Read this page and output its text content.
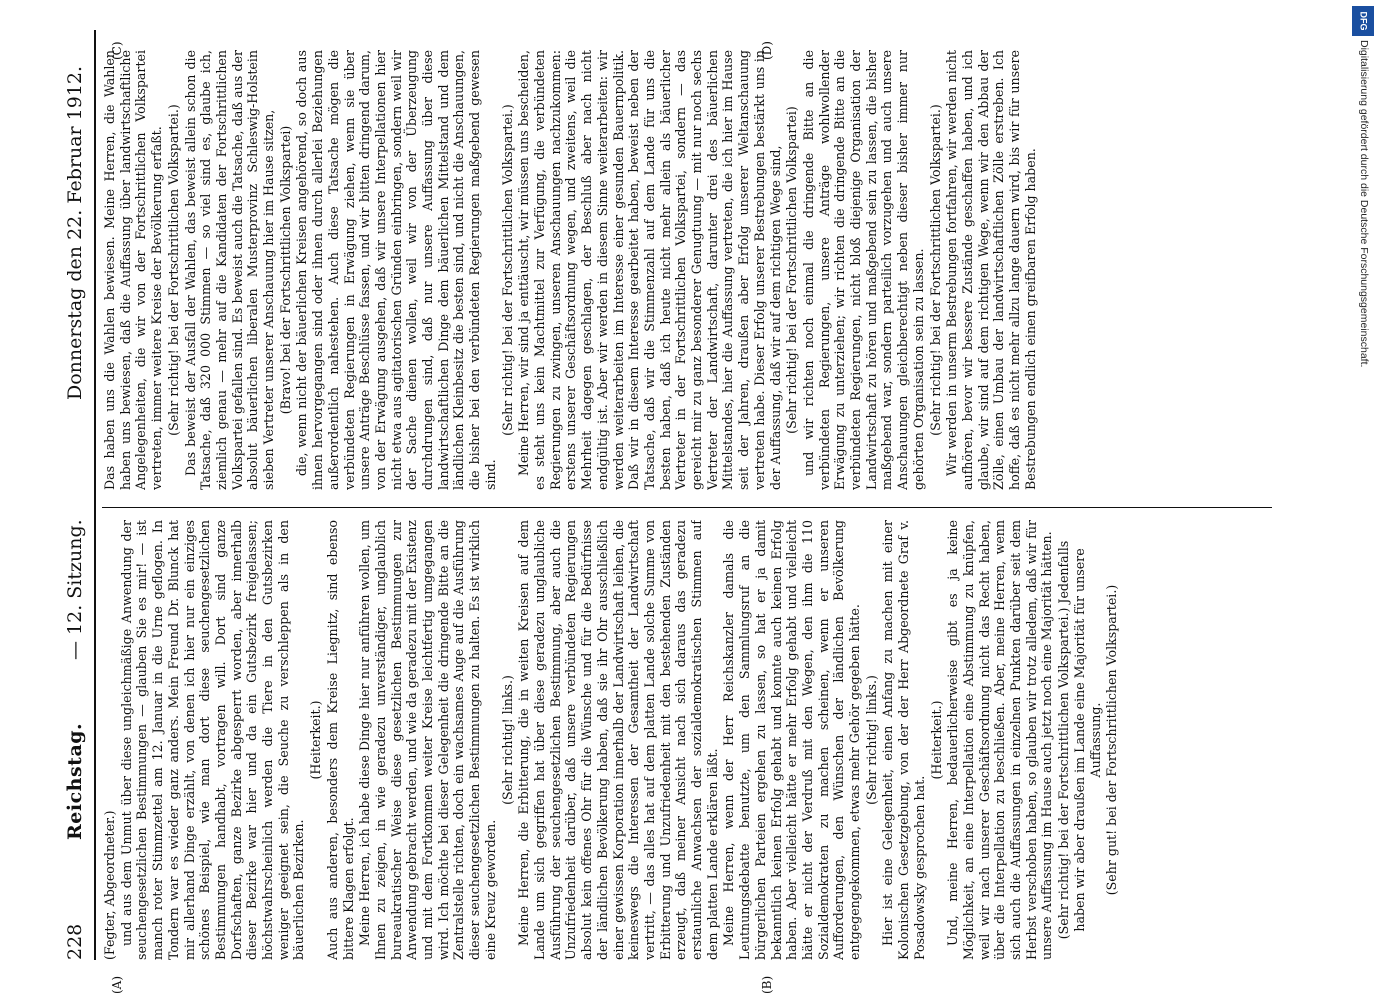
228
Reichstag.
— 12. Sitzung.
Donnerstag den 22. Februar 1912.
(A)	(B)
(C)	(D)

(Fegter, Abgeordneter.) und aus dem Unmut über diese ungleichmäßige Anwendung der seuchengesetzlichen Bestimmungen — glauben Sie es mir! — ist manch roter Stimmzettel am 12. Januar in die Urne geflogen. In Tondern war es wieder ganz anders. Mein Freund Dr. Blunck hat mir allerhand Dinge erzählt, von denen ich hier nur ein einziges schönes Beispiel, wie man dort diese seuchengesetzlichen Bestimmungen handhabt, vortragen will. Dort sind ganze Dorfschaften, ganze Bezirke abgesperrt worden, aber innerhalb dieser Bezirke war hier und da ein Gutsbezirk freigelassen; höchstwahrscheinlich werden die Tiere in den Gutsbezirken weniger geeignet sein, die Seuche zu verschleppen als in den bäuerlichen Bezirken.

(Heiterkeit.) Auch aus anderen, besonders dem Kreise Liegnitz, sind ebenso bittere Klagen erfolgt. Meine Herren, ich habe diese Dinge hier nur anführen wollen, um Ihnen zu zeigen, in wie geradezu unverständiger, unglaublich bureaukratischer Weise diese gesetzlichen Bestimmungen zur Anwendung gebracht werden, und wie da geradezu mit der Existenz und mit dem Fortkommen weiter Kreise leichtfertig umgegangen wird. Ich möchte bei dieser Gelegenheit die dringende Bitte an die Zentralstelle richten, doch ein wachsames Auge auf die Ausführung dieser seuchengesetzlichen Bestimmungen zu halten. Es ist wirklich eine Kreuz geworden.

(Sehr richtig! links.) Meine Herren, die Erbitterung, die in weiten Kreisen auf dem Lande um sich gegriffen hat über diese geradezu unglaubliche Ausführung der seuchengesetzlichen Bestimmung, aber auch die Unzufriedenheit darüber, daß unsere verbündeten Regierungen absolut kein offenes Ohr für die Wünsche und für die Bedürfnisse der ländlichen Bevölkerung haben, daß sie ihr Ohr ausschließlich einer gewissen Korporation innerhalb der Landwirtschaft leihen, die keineswegs die Interessen der Gesamtheit der Landwirtschaft vertritt, — das alles hat auf dem platten Lande solche Summe von Erbitterung und Unzufriedenheit mit den bestehenden Zuständen erzeugt, daß meiner Ansicht nach sich daraus das geradezu erstaunliche Anwachsen der sozialdemokratischen Stimmen auf dem platten Lande erklären läßt. Meine Herren, wenn der Herr Reichskanzler damals die Leutnungsdebatte benutzte, um den Sammlungsruf an die bürgerlichen Parteien ergehen zu lassen, so hat er ja damit bekanntlich keinen Erfolg gehabt und konnte auch keinen Erfolg haben. Aber vielleicht hätte er mehr Erfolg gehabt und vielleicht hätte er nicht der Verdruß mit den Wegen, den ihm die 110 Sozialdemokraten zu machen scheinen, wenn er unseren Aufforderungen, den Wünschen der ländlichen Bevölkerung entgegengekommen, etwas mehr Gehör gegeben hätte. (Sehr richtig! links.) Hier ist eine Gelegenheit, einen Anfang zu machen mit einer Kolonischen Gesetzgebung, von der der Herr Abgeordnete Graf v. Posadowsky gesprochen hat.

(Heiterkeit.) Und, meine Herren, bedauerlicherweise gibt es ja keine Möglichkeit, an eine Interpellation eine Abstimmung zu knüpfen, weil wir nach unserer Geschäftsordnung nicht das Recht haben, über die Interpellation zu beschließen. Aber, meine Herren, wenn sich auch die Auffassungen in einzelnen Punkten darüber seit dem Herbst verschoben haben, so glauben wir trotz alledem, daß wir für unsere Auffassung im Hause auch jetzt noch eine Majorität hätten. (Sehr richtig! bei der Fortschrittlichen Volkspartei.) Jedenfalls haben wir aber draußen im Lande eine Majorität für unsere Auffassung. (Sehr gut! bei der Fortschrittlichen Volkspartei.)

Das haben uns die Wahlen bewiesen. Meine Herren, die Wahlen haben uns bewiesen, daß die Auffassung über landwirtschaftliche Angelegenheiten, die wir von der Fortschrittlichen Volkspartei vertreten, immer weitere Kreise der Bevölkerung erfaßt. (Sehr richtig! bei der Fortschrittlichen Volkspartei.) Das beweist der Ausfall der Wahlen, das beweist allein schon die Tatsache, daß 320 000 Stimmen — so viel sind es, glaube ich, ziemlich genau — mehr auf die Kandidaten der Fortschrittlichen Volkspartei gefallen sind. Es beweist auch die Tatsache, daß aus der absolut bäuerlichen liberalen Musterprovinz Schleswig-Holstein sieben Vertreter unserer Anschauung hier im Hause sitzen, (Bravo! bei der Fortschrittlichen Volkspartei) die, wenn nicht der bäuerlichen Kreisen angehörend, so doch aus ihnen hervorgegangen sind oder ihnen durch allerlei Beziehungen außerordentlich nahestehen. Auch diese Tatsache mögen die verbündeten Regierungen in Erwägung ziehen, wenn sie über unsere Anträge Beschlüsse fassen, und wir bitten dringend darum, von der Erwägung ausgehen, daß wir unsere Interpellationen hier nicht etwa aus agitatorischen Gründen einbringen, sondern weil wir der Sache dienen wollen, weil wir von der Überzeugung durchdrungen sind, daß nur unsere Auffassung über diese landwirtschaftlichen Dinge dem bäuerlichen Mittelstand und dem ländlichen Kleinbesitz die besten sind, und nicht die Anschauungen, die bisher bei den verbündeten Regierungen maßgebend gewesen sind.

(Sehr richtig! bei der Fortschrittlichen Volkspartei.) Meine Herren, wir sind ja enttäuscht, wir müssen uns bescheiden, es steht uns kein Machtmittel zur Verfügung, die verbündeten Regierungen zu zwingen, unseren Anschauungen nachzukommen: erstens unserer Geschäftsordnung wegen, und zweitens, weil die Mehrheit dagegen geschlagen, der Beschluß aber nach nicht endgültig ist. Aber wir werden in diesem Sinne weiterarbeiten: wir werden weiterarbeiten im Interesse einer gesunden Bauernpolitik. Daß wir in diesem Interesse gearbeitet haben, beweist neben der Tatsache, daß wir die Stimmenzahl auf dem Lande für uns die besten haben, daß ich heute nicht mehr allein als bäuerlicher Vertreter in der Fortschrittlichen Volkspartei, sondern — das gereicht mir zu ganz besonderer Genugtuung — mit nur noch sechs Vertreter der Landwirtschaft, darunter drei des bäuerlichen Mittelstandes, hier die Auffassung vertreten, die ich hier im Hause seit der Jahren, draußen aber Erfolg unserer Weltanschauung vertreten habe. Dieser Erfolg unserer Bestrebungen bestärkt uns in der Auffassung, daß wir auf dem richtigen Wege sind, (Sehr richtig! bei der Fortschrittlichen Volkspartei) und wir richten noch einmal die dringende Bitte an die verbündeten Regierungen, unsere Anträge wohlwollender Erwägung zu unterziehen; wir richten die dringende Bitte an die verbündeten Regierungen, nicht bloß diejenige Organisation der Landwirtschaft zu hören und maßgebend sein zu lassen, die bisher maßgebend war, sondern parteilich vorzugehen und auch unsere Anschauungen gleichberechtigt neben dieser bisher immer nur gehörten Organisation sein zu lassen. (Sehr richtig! bei der Fortschrittlichen Volkspartei.) Wir werden in unserm Bestrebungen fortfahren, wir werden nicht aufhören, bevor wir bessere Zustände geschaffen haben, und ich glaube, wir sind auf dem richtigen Wege, wenn wir den Abbau der Zölle, einen Umbau der landwirtschaftlichen Zölle erstreben. Ich hoffe, daß es nicht mehr allzu lange dauern wird, bis wir für unsere Bestrebungen endlich einen greifbaren Erfolg haben.

DFG
Digitalisierung gefördert durch die Deutsche Forschungsgemeinschaft.
